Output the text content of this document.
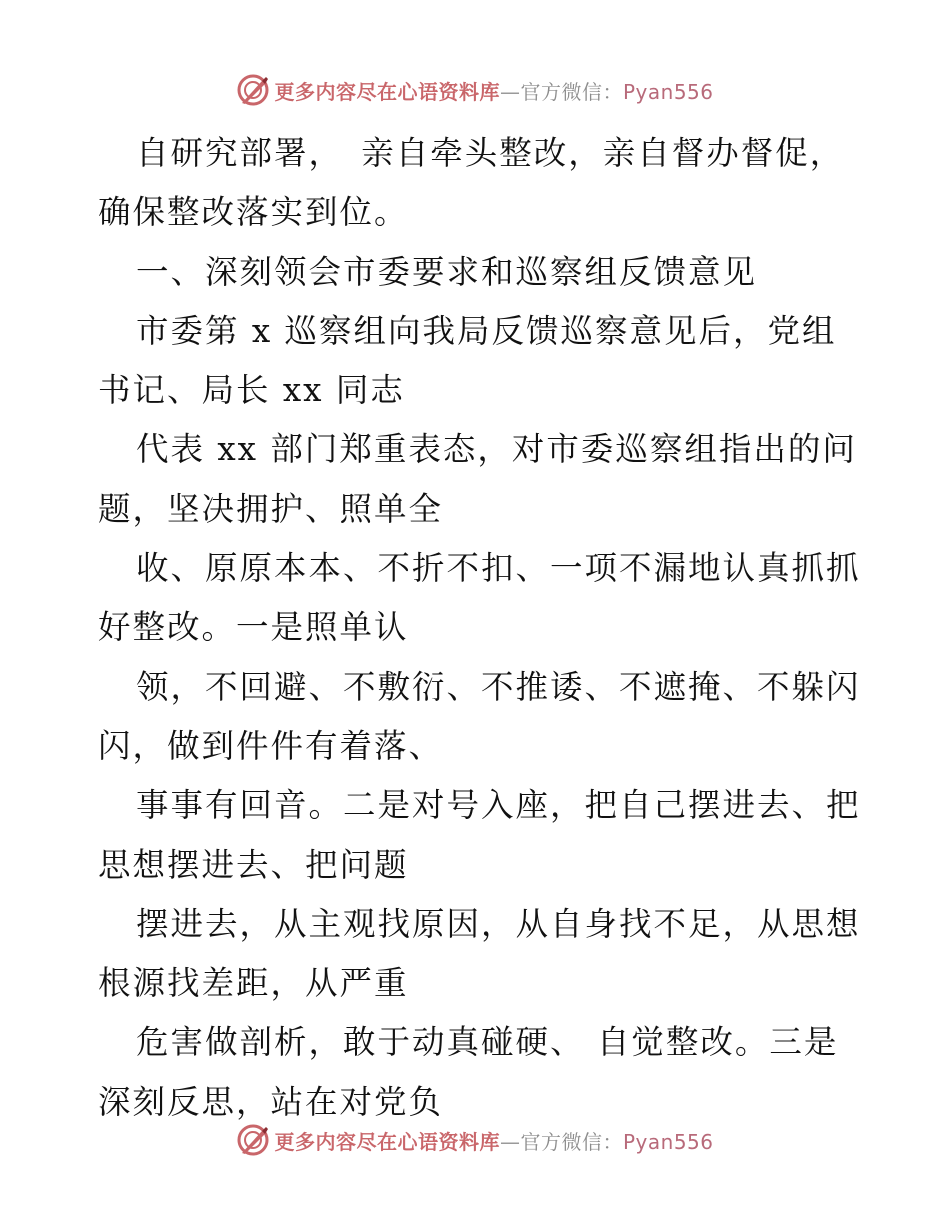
更多内容尽在心语资料库—官方微信：Pyan556
自研究部署，　亲自牵头整改，亲自督办督促，
确保整改落实到位。
一、深刻领会市委要求和巡察组反馈意见
市委第 x 巡察组向我局反馈巡察意见后，党组
书记、局长 xx 同志
代表 xx 部门郑重表态，对市委巡察组指出的问
题，坚决拥护、照单全
收、原原本本、不折不扣、一项不漏地认真抓抓
好整改。一是照单认
领，不回避、不敷衍、不推诿、不遮掩、不躲闪
闪，做到件件有着落、
事事有回音。二是对号入座，把自己摆进去、把
思想摆进去、把问题
摆进去，从主观找原因，从自身找不足，从思想
根源找差距，从严重
危害做剖析，敢于动真碰硬、 自觉整改。三是
深刻反思，站在对党负
更多内容尽在心语资料库—官方微信：Pyan556
